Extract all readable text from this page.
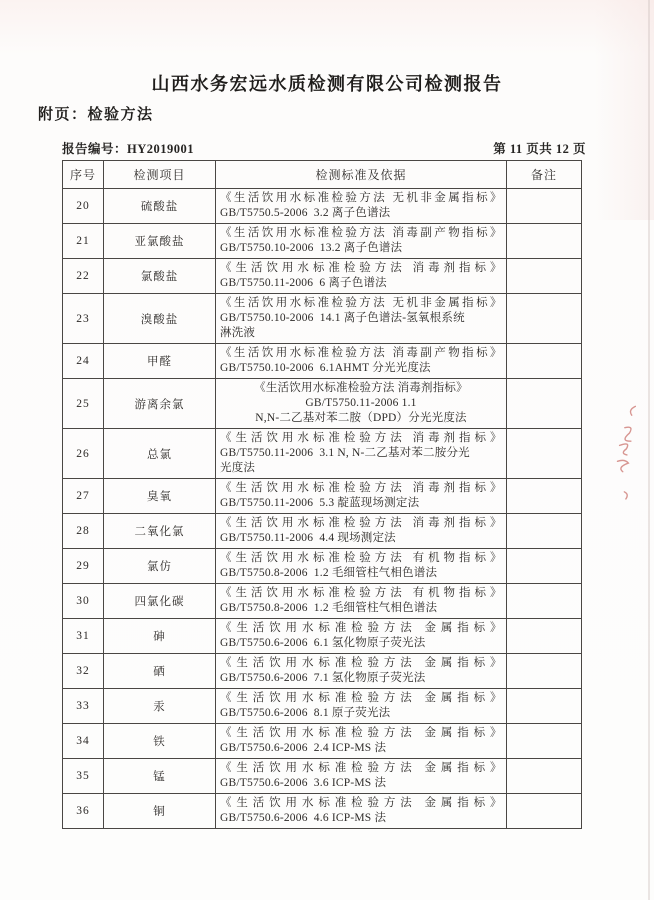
山西水务宏远水质检测有限公司检测报告
附页：检验方法
报告编号：HY2019001	第 11 页共 12 页
序号	检测项目	检测标准及依据	备注
20	硫酸盐	《生活饮用水标准检验方法 无机非金属指标》
GB/T5750.5-2006  3.2 离子色谱法	

21	亚氯酸盐	《生活饮用水标准检验方法 消毒副产物指标》
GB/T5750.10-2006  13.2 离子色谱法	

22	氯酸盐	《生活饮用水标准检验方法 消毒剂指标》
GB/T5750.11-2006  6 离子色谱法	

23	溴酸盐	《生活饮用水标准检验方法 无机非金属指标》
GB/T5750.10-2006  14.1 离子色谱法-氢氧根系统
淋洗液	

24	甲醛	《生活饮用水标准检验方法 消毒副产物指标》
GB/T5750.10-2006  6.1AHMT 分光光度法	

25	游离余氯	《生活饮用水标准检验方法 消毒剂指标》
GB/T5750.11-2006 1.1
N,N-二乙基对苯二胺（DPD）分光光度法	

26	总氯	《生活饮用水标准检验方法 消毒剂指标》
GB/T5750.11-2006  3.1 N, N-二乙基对苯二胺分光
光度法	

27	臭氧	《生活饮用水标准检验方法 消毒剂指标》
GB/T5750.11-2006  5.3 靛蓝现场测定法	

28	二氧化氯	《生活饮用水标准检验方法 消毒剂指标》
GB/T5750.11-2006  4.4 现场测定法	

29	氯仿	《生活饮用水标准检验方法 有机物指标》
GB/T5750.8-2006  1.2 毛细管柱气相色谱法	

30	四氯化碳	《生活饮用水标准检验方法 有机物指标》
GB/T5750.8-2006  1.2 毛细管柱气相色谱法	

31	砷	《生活饮用水标准检验方法 金属指标》
GB/T5750.6-2006  6.1 氢化物原子荧光法	

32	硒	《生活饮用水标准检验方法 金属指标》
GB/T5750.6-2006  7.1 氢化物原子荧光法	

33	汞	《生活饮用水标准检验方法 金属指标》
GB/T5750.6-2006  8.1 原子荧光法	

34	铁	《生活饮用水标准检验方法 金属指标》
GB/T5750.6-2006  2.4 ICP-MS 法	

35	锰	《生活饮用水标准检验方法 金属指标》
GB/T5750.6-2006  3.6 ICP-MS 法	

36	铜	《生活饮用水标准检验方法 金属指标》
GB/T5750.6-2006  4.6 ICP-MS 法	
